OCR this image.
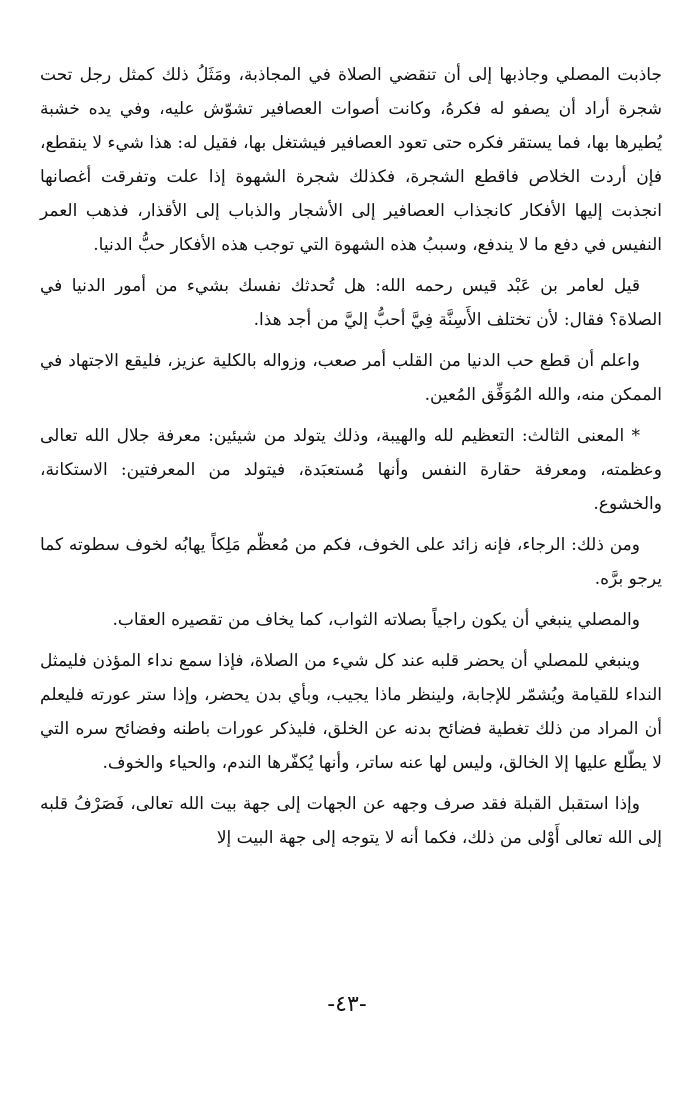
جاذبت المصلي وجاذبها إلى أن تنقضي الصلاة في المجاذبة، ومَثَلُ ذلك كمثل رجل تحت شجرة أراد أن يصفو له فكرهُ، وكانت أصوات العصافير تشوّش عليه، وفي يده خشبة يُطيرها بها، فما يستقر فكره حتى تعود العصافير فيشتغل بها، فقيل له: هذا شيء لا ينقطع، فإن أردت الخلاص فاقطع الشجرة، فكذلك شجرة الشهوة إذا علت وتفرقت أغصانها انجذبت إليها الأفكار كانجذاب العصافير إلى الأشجار والذباب إلى الأقذار، فذهب العمر النفيس في دفع ما لا يندفع، وسببُ هذه الشهوة التي توجب هذه الأفكار حبُّ الدنيا.

قيل لعامر بن عَبْد قيس رحمه الله: هل تُحدثك نفسك بشيء من أمور الدنيا في الصلاة؟ فقال: لأن تختلف الأَسِنَّة فِيَّ أحبُّ إليَّ من أجد هذا.

واعلم أن قطع حب الدنيا من القلب أمر صعب، وزواله بالكلية عزيز، فليقع الاجتهاد في الممكن منه، والله المُوَفِّق المُعين.

* المعنى الثالث: التعظيم لله والهيبة، وذلك يتولد من شيئين: معرفة جلال الله تعالى وعظمته، ومعرفة حقارة النفس وأنها مُستعبَدة، فيتولد من المعرفتين: الاستكانة، والخشوع.

ومن ذلك: الرجاء، فإنه زائد على الخوف، فكم من مُعظّم مَلِكاً يهابُه لخوف سطوته كما يرجو برَّه.

والمصلي ينبغي أن يكون راجياً بصلاته الثواب، كما يخاف من تقصيره العقاب.

وينبغي للمصلي أن يحضر قلبه عند كل شيء من الصلاة، فإذا سمع نداء المؤذن فليمثل النداء للقيامة ويُشمّر للإجابة، ولينظر ماذا يجيب، وبأي بدن يحضر، وإذا ستر عورته فليعلم أن المراد من ذلك تغطية فضائح بدنه عن الخلق، فليذكر عورات باطنه وفضائح سره التي لا يطّلع عليها إلا الخالق، وليس لها عنه ساتر، وأنها يُكفّرها الندم، والحياء والخوف.

وإذا استقبل القبلة فقد صرف وجهه عن الجهات إلى جهة بيت الله تعالى، فَصَرْفُ قلبه إلى الله تعالى أَوْلى من ذلك، فكما أنه لا يتوجه إلى جهة البيت إلا

-٤٣-
